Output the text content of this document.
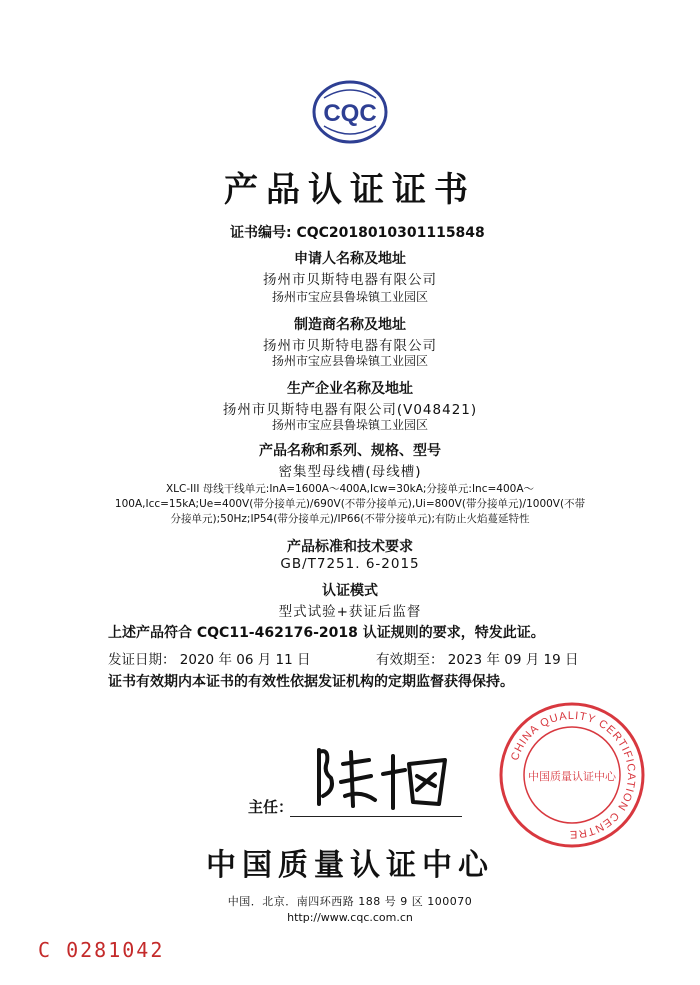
CQC
产品认证证书
证书编号: CQC2018010301115848
申请人名称及地址
扬州市贝斯特电器有限公司
扬州市宝应县鲁垛镇工业园区
制造商名称及地址
扬州市贝斯特电器有限公司
扬州市宝应县鲁垛镇工业园区
生产企业名称及地址
扬州市贝斯特电器有限公司(V048421)
扬州市宝应县鲁垛镇工业园区
产品名称和系列、规格、型号
密集型母线槽(母线槽)
XLC-III 母线干线单元:InA=1600A～400A,Icw=30kA;分接单元:Inc=400A～
100A,Icc=15kA;Ue=400V(带分接单元)/690V(不带分接单元),Ui=800V(带分接单元)/1000V(不带
分接单元);50Hz;IP54(带分接单元)/IP66(不带分接单元);有防止火焰蔓延特性
产品标准和技术要求
GB/T7251. 6-2015
认证模式
型式试验+获证后监督
上述产品符合 CQC11-462176-2018 认证规则的要求，特发此证。
发证日期： 2020 年 06 月 11 日	有效期至： 2023 年 09 月 19 日
证书有效期内本证书的有效性依据发证机构的定期监督获得保持。
主任：
CHINA QUALITY CERTIFICATION CENTRE
中国质量认证中心
中国质量认证中心
中国．北京．南四环西路 188 号 9 区 100070
http://www.cqc.com.cn
C 0281042
